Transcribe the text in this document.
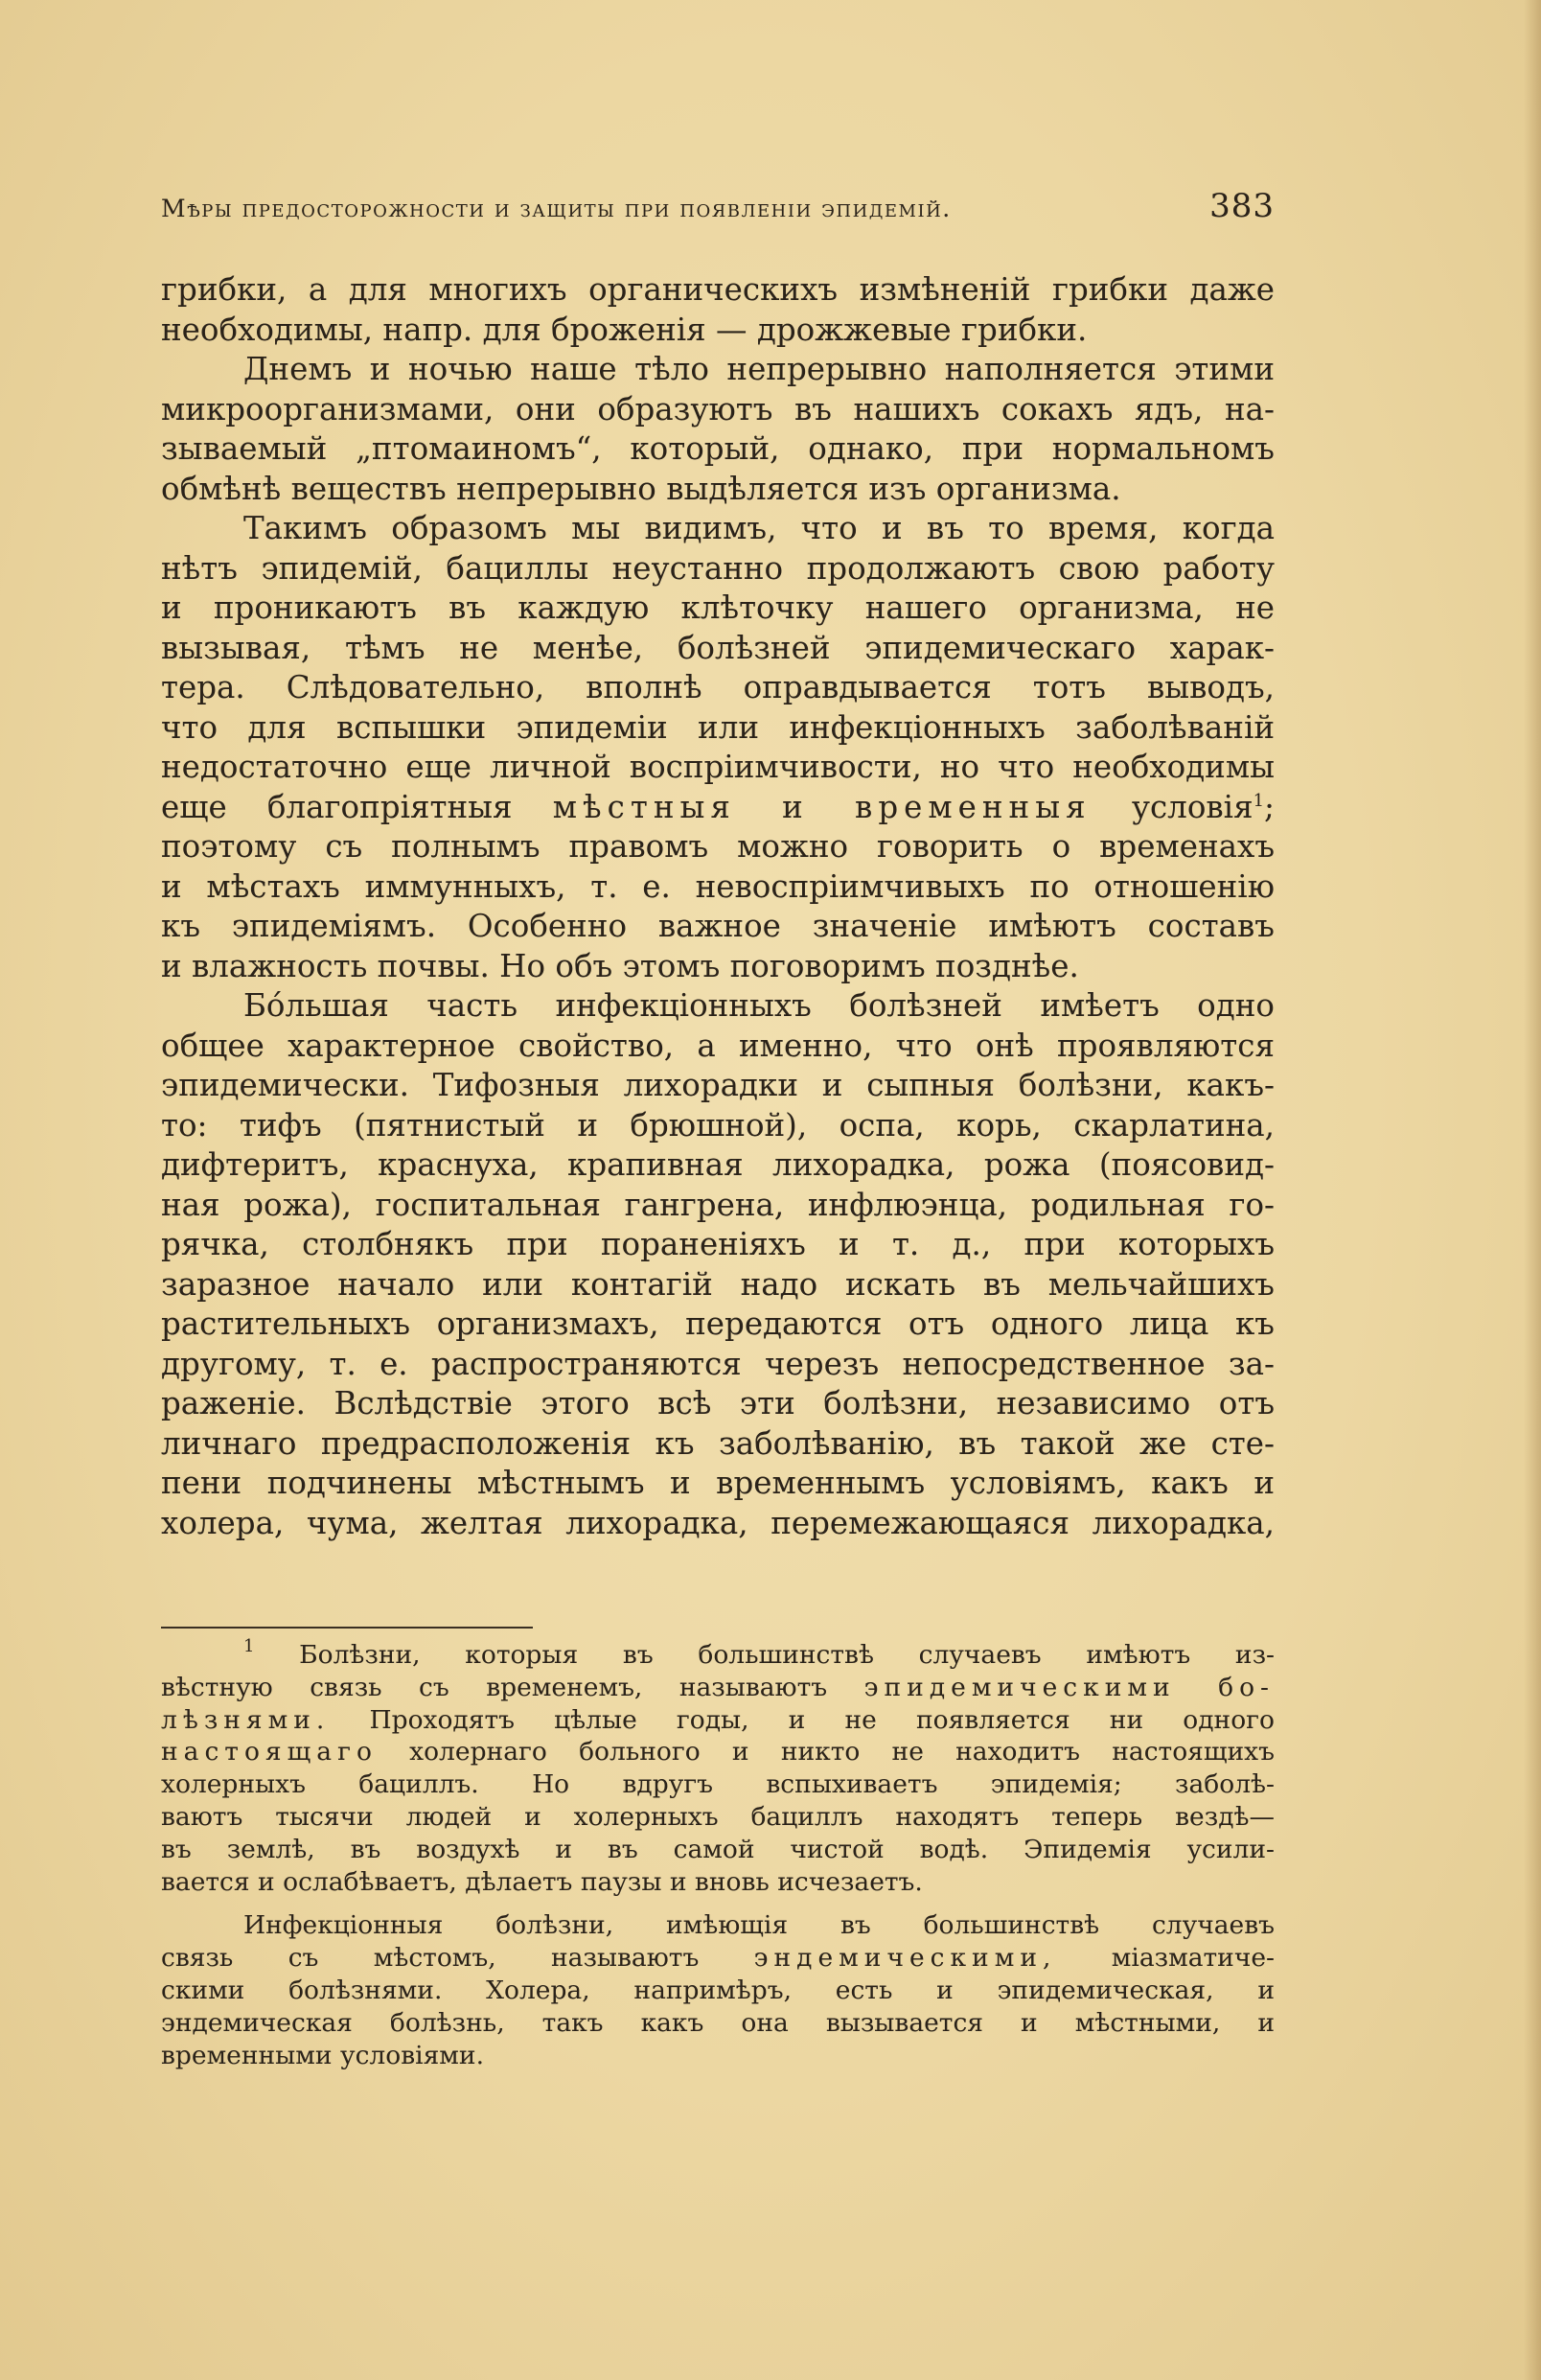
Мѣры предосторожности и защиты при появленіи эпидемій.	383
грибки, а для многихъ органическихъ измѣненій грибки даже
необходимы, напр. для броженія — дрожжевые грибки.
Днемъ и ночью наше тѣло непрерывно наполняется этими
микроорганизмами, они образуютъ въ нашихъ сокахъ ядъ, на-
зываемый „птомаиномъ“, который, однако, при нормальномъ
обмѣнѣ веществъ непрерывно выдѣляется изъ организма.
Такимъ образомъ мы видимъ, что и въ то время, когда
нѣтъ эпидемій, бациллы неустанно продолжаютъ свою работу
и проникаютъ въ каждую клѣточку нашего организма, не
вызывая, тѣмъ не менѣе, болѣзней эпидемическаго харак-
тера. Слѣдовательно, вполнѣ оправдывается тотъ выводъ,
что для вспышки эпидеміи или инфекціонныхъ заболѣваній
недостаточно еще личной воспріимчивости, но что необходимы
еще благопріятныя мѣстныя и временныя условія$^1$;
поэтому съ полнымъ правомъ можно говорить о временахъ
и мѣстахъ иммунныхъ, т. е. невоспріимчивыхъ по отношенію
къ эпидеміямъ. Особенно важное значеніе имѣютъ составъ
и влажность почвы. Но объ этомъ поговоримъ позднѣе.
Бо́льшая часть инфекціонныхъ болѣзней имѣетъ одно
общее характерное свойство, а именно, что онѣ проявляются
эпидемически. Тифозныя лихорадки и сыпныя болѣзни, какъ-
то: тифъ (пятнистый и брюшной), оспа, корь, скарлатина,
дифтеритъ, краснуха, крапивная лихорадка, рожа (поясовид-
ная рожа), госпитальная гангрена, инфлюэнца, родильная го-
рячка, столбнякъ при пораненіяхъ и т. д., при которыхъ
заразное начало или контагій надо искать въ мельчайшихъ
растительныхъ организмахъ, передаются отъ одного лица къ
другому, т. е. распространяются черезъ непосредственное за-
раженіе. Вслѣдствіе этого всѣ эти болѣзни, независимо отъ
личнаго предрасположенія къ заболѣванію, въ такой же сте-
пени подчинены мѣстнымъ и временнымъ условіямъ, какъ и
холера, чума, желтая лихорадка, перемежающаяся лихорадка,
$^1$ Болѣзни, которыя въ большинствѣ случаевъ имѣютъ из-
вѣстную связь съ временемъ, называютъ эпидемическими бо-
лѣзнями. Проходятъ цѣлые годы, и не появляется ни одного
настоящаго холернаго больного и никто не находитъ настоящихъ
холерныхъ бациллъ. Но вдругъ вспыхиваетъ эпидемія; заболѣ-
ваютъ тысячи людей и холерныхъ бациллъ находятъ теперь вездѣ—
въ землѣ, въ воздухѣ и въ самой чистой водѣ. Эпидемія усили-
вается и ослабѣваетъ, дѣлаетъ паузы и вновь исчезаетъ.
Инфекціонныя болѣзни, имѣющія въ большинствѣ случаевъ
связь съ мѣстомъ, называютъ эндемическими, міазматиче-
скими болѣзнями. Холера, напримѣръ, есть и эпидемическая, и
эндемическая болѣзнь, такъ какъ она вызывается и мѣстными, и
временными условіями.
